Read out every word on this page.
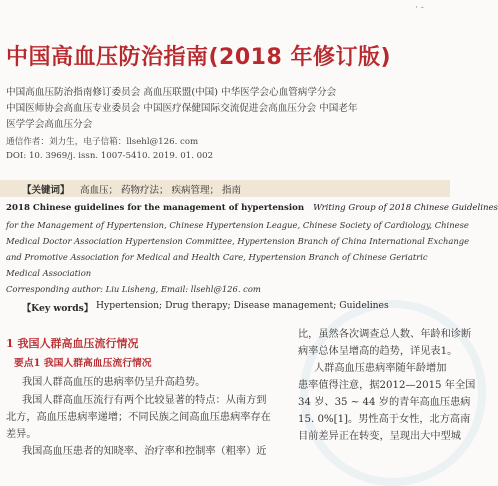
· -
中国高血压防治指南(2018 年修订版)
中国高血压防治指南修订委员会 高血压联盟(中国) 中华医学会心血管病学分会
中国医师协会高血压专业委员会 中国医疗保健国际交流促进会高血压分会 中国老年
医学学会高血压分会
通信作者：刘力生，电子信箱：llsehl@126. com
DOI: 10. 3969/j. issn. 1007-5410. 2019. 01. 002
【关键词】 高血压； 药物疗法； 疾病管理； 指南
2018 Chinese guidelines for the management of hypertension Writing Group of 2018 Chinese Guidelines
for the Management of Hypertension, Chinese Hypertension League, Chinese Society of Cardiology, Chinese
Medical Doctor Association Hypertension Committee, Hypertension Branch of China International Exchange
and Promotive Association for Medical and Health Care, Hypertension Branch of Chinese Geriatric
Medical Association
Corresponding author: Liu Lisheng, Email: llsehl@126. com
【Key words】 Hypertension; Drug therapy; Disease management; Guidelines
1 我国人群高血压流行情况
要点1 我国人群高血压流行情况
我国人群高血压的患病率仍呈升高趋势。
我国人群高血压流行有两个比较显著的特点：从南方到
北方，高血压患病率递增；不同民族之间高血压患病率存在
差异。
我国高血压患者的知晓率、治疗率和控制率（粗率）近
比，虽然各次调查总人数、年龄和诊断
病率总体呈增高的趋势，详见表1。
人群高血压患病率随年龄增加
患率值得注意，据2012—2015 年全国
34 岁、35 ~ 44 岁的青年高血压患病
15. 0%[1]。男性高于女性，北方高南
目前差异正在转变，呈现出大中型城
